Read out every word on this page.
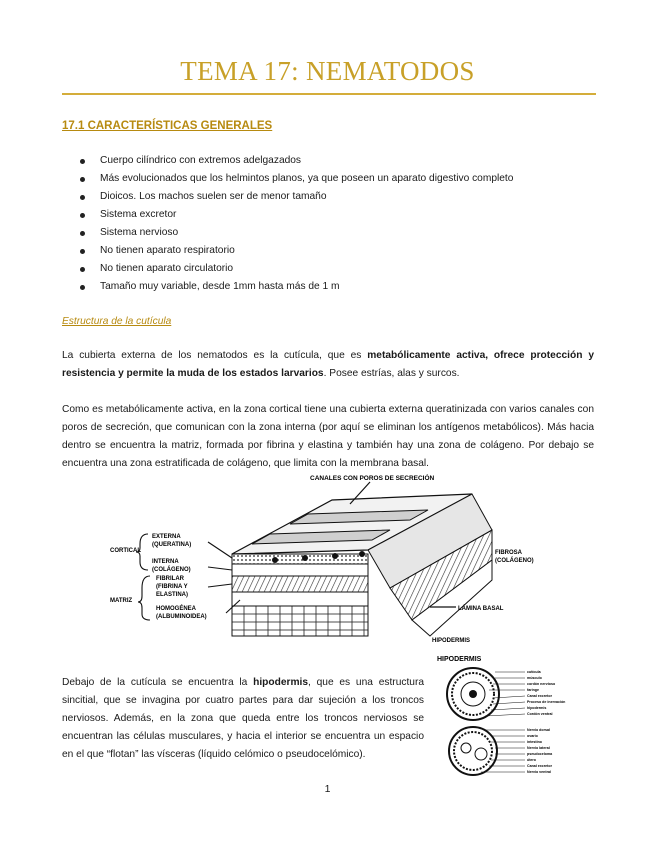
TEMA 17: NEMATODOS
17.1 CARACTERÍSTICAS GENERALES
Cuerpo cilíndrico con extremos adelgazados
Más evolucionados que los helmintos planos, ya que poseen un aparato digestivo completo
Dioicos. Los machos suelen ser de menor tamaño
Sistema excretor
Sistema nervioso
No tienen aparato respiratorio
No tienen aparato circulatorio
Tamaño muy variable, desde 1mm hasta más de 1 m
Estructura de la cutícula

La cubierta externa de los nematodos es la cutícula, que es metabólicamente activa, ofrece protección y resistencia y permite la muda de los estados larvarios. Posee estrías, alas y surcos.

Como es metabólicamente activa, en la zona cortical tiene una cubierta externa queratinizada con varios canales con poros de secreción, que comunican con la zona interna (por aquí se eliminan los antígenos metabólicos). Más hacia dentro se encuentra la matriz, formada por fibrina y elastina y también hay una zona de colágeno. Por debajo se encuentra una zona estratificada de colágeno, que limita con la membrana basal.

CANALES CON POROS DE SECRECIÓN
CORTICAL
EXTERNA
(QUERATINA)
INTERNA
(COLÁGENO)
FIBRILAR
(FIBRINA Y
ELASTINA)
MATRIZ
HOMOGÉNEA
(ALBUMINOIDEA)
FIBROSA
(COLÁGENO)
LÁMINA BASAL
HIPODERMIS

Debajo de la cutícula se encuentra la hipodermis, que es una estructura sincitial, que se invagina por cuatro partes para dar sujeción a los troncos nerviosos. Además, en la zona que queda entre los troncos nerviosos se encuentran las células musculares, y hacia el interior se encuentra un espacio en el que “flotan” las vísceras (líquido celómico o pseudocelómico).

HIPODERMIS
cutícula
músculo
cordón nervioso
faringe
Canal excretor
Proceso de inervación
hipodermis
Cordón ventral
Nervio dorsal
ovario
intestino
Nervio lateral
pseudoceloma
útero
Canal excretor
Nervio ventral
1
